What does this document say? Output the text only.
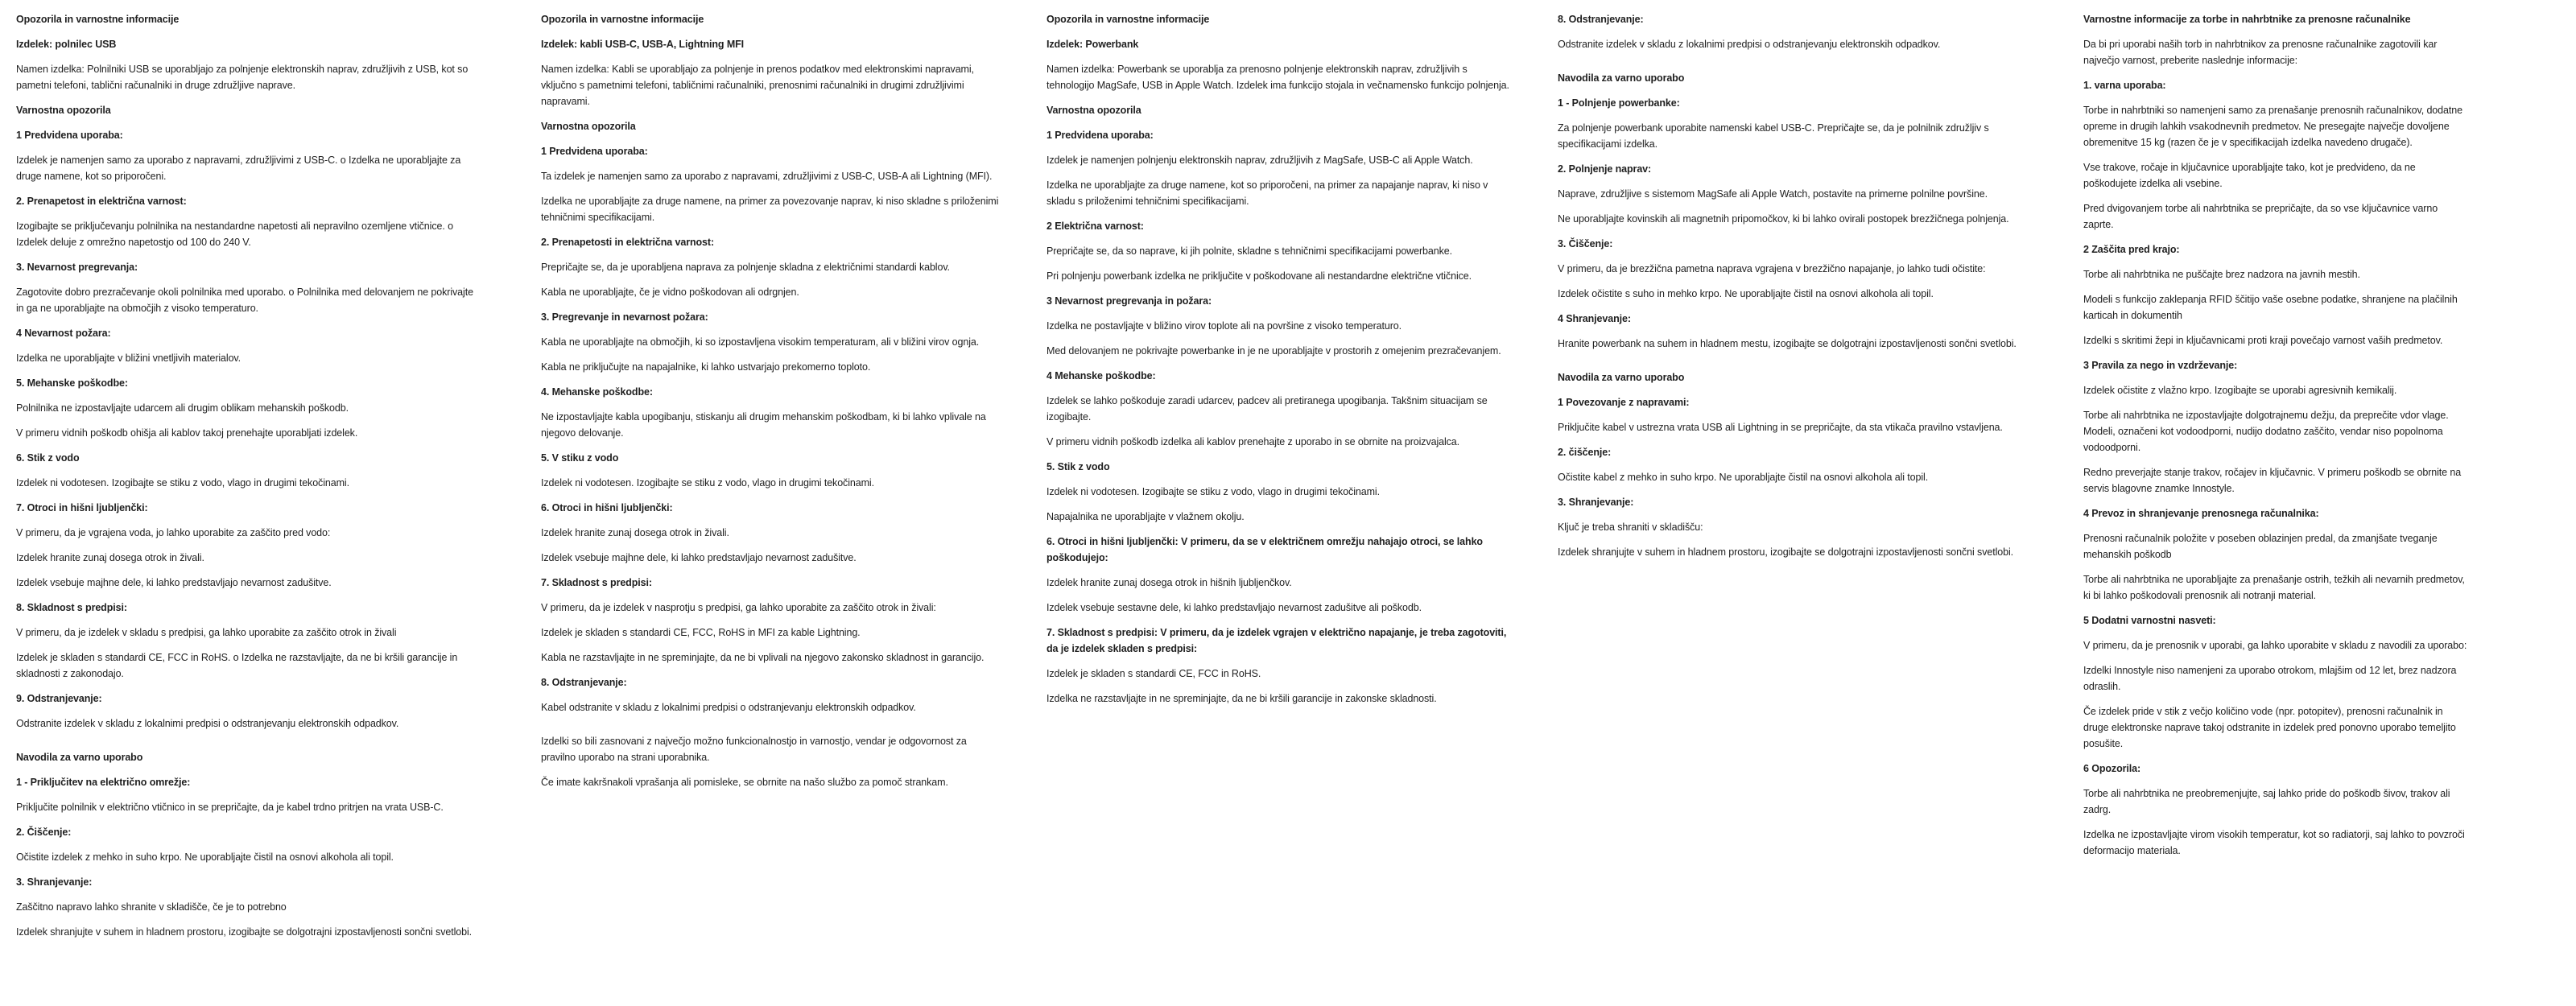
Opozorila in varnostne informacije
Izdelek: polnilec USB
Namen izdelka: Polnilniki USB se uporabljajo za polnjenje elektronskih naprav, združljivih z USB, kot so pametni telefoni, tablični računalniki in druge združljive naprave.
Varnostna opozorila
1 Predvidena uporaba:
Izdelek je namenjen samo za uporabo z napravami, združljivimi z USB-C. o Izdelka ne uporabljajte za druge namene, kot so priporočeni.
2. Prenapetost in električna varnost:
Izogibajte se priključevanju polnilnika na nestandardne napetosti ali nepravilno ozemljene vtičnice. o Izdelek deluje z omrežno napetostjo od 100 do 240 V.
3. Nevarnost pregrevanja:
Zagotovite dobro prezračevanje okoli polnilnika med uporabo. o Polnilnika med delovanjem ne pokrivajte in ga ne uporabljajte na območjih z visoko temperaturo.
4 Nevarnost požara:
Izdelka ne uporabljajte v bližini vnetljivih materialov.
5. Mehanske poškodbe:
Polnilnika ne izpostavljajte udarcem ali drugim oblikam mehanskih poškodb.
V primeru vidnih poškodb ohišja ali kablov takoj prenehajte uporabljati izdelek.
6. Stik z vodo
Izdelek ni vodotesen. Izogibajte se stiku z vodo, vlago in drugimi tekočinami.
7. Otroci in hišni ljubljenčki:
V primeru, da je vgrajena voda, jo lahko uporabite za zaščito pred vodo:
Izdelek hranite zunaj dosega otrok in živali.
Izdelek vsebuje majhne dele, ki lahko predstavljajo nevarnost zadušitve.
8. Skladnost s predpisi:
V primeru, da je izdelek v skladu s predpisi, ga lahko uporabite za zaščito otrok in živali
Izdelek je skladen s standardi CE, FCC in RoHS. o Izdelka ne razstavljajte, da ne bi kršili garancije in skladnosti z zakonodajo.
9. Odstranjevanje:
Odstranite izdelek v skladu z lokalnimi predpisi o odstranjevanju elektronskih odpadkov.
Navodila za varno uporabo
1 - Priključitev na električno omrežje:
Priključite polnilnik v električno vtičnico in se prepričajte, da je kabel trdno pritrjen na vrata USB-C.
2. Čiščenje:
Očistite izdelek z mehko in suho krpo. Ne uporabljajte čistil na osnovi alkohola ali topil.
3. Shranjevanje:
Zaščitno napravo lahko shranite v skladišče, če je to potrebno
Izdelek shranjujte v suhem in hladnem prostoru, izogibajte se dolgotrajni izpostavljenosti sončni svetlobi.
Opozorila in varnostne informacije
Izdelek: kabli USB-C, USB-A, Lightning MFI
Namen izdelka: Kabli se uporabljajo za polnjenje in prenos podatkov med elektronskimi napravami, vključno s pametnimi telefoni, tabličnimi računalniki, prenosnimi računalniki in drugimi združljivimi napravami.
Varnostna opozorila
1 Predvidena uporaba:
Ta izdelek je namenjen samo za uporabo z napravami, združljivimi z USB-C, USB-A ali Lightning (MFI).
Izdelka ne uporabljajte za druge namene, na primer za povezovanje naprav, ki niso skladne s priloženimi tehničnimi specifikacijami.
2. Prenapetosti in električna varnost:
Prepričajte se, da je uporabljena naprava za polnjenje skladna z električnimi standardi kablov.
Kabla ne uporabljajte, če je vidno poškodovan ali odrgnjen.
3. Pregrevanje in nevarnost požara:
Kabla ne uporabljajte na območjih, ki so izpostavljena visokim temperaturam, ali v bližini virov ognja.
Kabla ne priključujte na napajalnike, ki lahko ustvarjajo prekomerno toploto.
4. Mehanske poškodbe:
Ne izpostavljajte kabla upogibanju, stiskanju ali drugim mehanskim poškodbam, ki bi lahko vplivale na njegovo delovanje.
5. V stiku z vodo
Izdelek ni vodotesen. Izogibajte se stiku z vodo, vlago in drugimi tekočinami.
6. Otroci in hišni ljubljenčki:
Izdelek hranite zunaj dosega otrok in živali.
Izdelek vsebuje majhne dele, ki lahko predstavljajo nevarnost zadušitve.
7. Skladnost s predpisi:
V primeru, da je izdelek v nasprotju s predpisi, ga lahko uporabite za zaščito otrok in živali:
Izdelek je skladen s standardi CE, FCC, RoHS in MFI za kable Lightning.
Kabla ne razstavljajte in ne spreminjajte, da ne bi vplivali na njegovo zakonsko skladnost in garancijo.
8. Odstranjevanje:
Kabel odstranite v skladu z lokalnimi predpisi o odstranjevanju elektronskih odpadkov.
Izdelki so bili zasnovani z največjo možno funkcionalnostjo in varnostjo, vendar je odgovornost za pravilno uporabo na strani uporabnika.
Če imate kakršnakoli vprašanja ali pomisleke, se obrnite na našo službo za pomoč strankam.
Opozorila in varnostne informacije
Izdelek: Powerbank
Namen izdelka: Powerbank se uporablja za prenosno polnjenje elektronskih naprav, združljivih s tehnologijo MagSafe, USB in Apple Watch. Izdelek ima funkcijo stojala in večnamensko funkcijo polnjenja.
Varnostna opozorila
1 Predvidena uporaba:
Izdelek je namenjen polnjenju elektronskih naprav, združljivih z MagSafe, USB-C ali Apple Watch.
Izdelka ne uporabljajte za druge namene, kot so priporočeni, na primer za napajanje naprav, ki niso v skladu s priloženimi tehničnimi specifikacijami.
2 Električna varnost:
Prepričajte se, da so naprave, ki jih polnite, skladne s tehničnimi specifikacijami powerbanke.
Pri polnjenju powerbank izdelka ne priključite v poškodovane ali nestandardne električne vtičnice.
3 Nevarnost pregrevanja in požara:
Izdelka ne postavljajte v bližino virov toplote ali na površine z visoko temperaturo.
Med delovanjem ne pokrivajte powerbanke in je ne uporabljajte v prostorih z omejenim prezračevanjem.
4 Mehanske poškodbe:
Izdelek se lahko poškoduje zaradi udarcev, padcev ali pretiranega upogibanja. Takšnim situacijam se izogibajte.
V primeru vidnih poškodb izdelka ali kablov prenehajte z uporabo in se obrnite na proizvajalca.
5. Stik z vodo
Izdelek ni vodotesen. Izogibajte se stiku z vodo, vlago in drugimi tekočinami.
Napajalnika ne uporabljajte v vlažnem okolju.
6. Otroci in hišni ljubljenčki: V primeru, da se v električnem omrežju nahajajo otroci, se lahko poškodujejo:
Izdelek hranite zunaj dosega otrok in hišnih ljubljenčkov.
Izdelek vsebuje sestavne dele, ki lahko predstavljajo nevarnost zadušitve ali poškodb.
7. Skladnost s predpisi: V primeru, da je izdelek vgrajen v električno napajanje, je treba zagotoviti, da je izdelek skladen s predpisi:
Izdelek je skladen s standardi CE, FCC in RoHS.
Izdelka ne razstavljajte in ne spreminjajte, da ne bi kršili garancije in zakonske skladnosti.
8. Odstranjevanje:
Odstranite izdelek v skladu z lokalnimi predpisi o odstranjevanju elektronskih odpadkov.
Navodila za varno uporabo
1 - Polnjenje powerbanke:
Za polnjenje powerbank uporabite namenski kabel USB-C. Prepričajte se, da je polnilnik združljiv s specifikacijami izdelka.
2. Polnjenje naprav:
Naprave, združljive s sistemom MagSafe ali Apple Watch, postavite na primerne polnilne površine.
Ne uporabljajte kovinskih ali magnetnih pripomočkov, ki bi lahko ovirali postopek brezžičnega polnjenja.
3. Čiščenje:
V primeru, da je brezžična pametna naprava vgrajena v brezžično napajanje, jo lahko tudi očistite:
Izdelek očistite s suho in mehko krpo. Ne uporabljajte čistil na osnovi alkohola ali topil.
4 Shranjevanje:
Hranite powerbank na suhem in hladnem mestu, izogibajte se dolgotrajni izpostavljenosti sončni svetlobi.
Navodila za varno uporabo
1 Povezovanje z napravami:
Priključite kabel v ustrezna vrata USB ali Lightning in se prepričajte, da sta vtikača pravilno vstavljena.
2. čiščenje:
Očistite kabel z mehko in suho krpo. Ne uporabljajte čistil na osnovi alkohola ali topil.
3. Shranjevanje:
Ključ je treba shraniti v skladišču:
Izdelek shranjujte v suhem in hladnem prostoru, izogibajte se dolgotrajni izpostavljenosti sončni svetlobi.
Varnostne informacije za torbe in nahrbtnike za prenosne računalnike
Da bi pri uporabi naših torb in nahrbtnikov za prenosne računalnike zagotovili kar največjo varnost, preberite naslednje informacije:
1. varna uporaba:
Torbe in nahrbtniki so namenjeni samo za prenašanje prenosnih računalnikov, dodatne opreme in drugih lahkih vsakodnevnih predmetov. Ne presegajte največje dovoljene obremenitve 15 kg (razen če je v specifikacijah izdelka navedeno drugače).
Vse trakove, ročaje in ključavnice uporabljajte tako, kot je predvideno, da ne poškodujete izdelka ali vsebine.
Pred dvigovanjem torbe ali nahrbtnika se prepričajte, da so vse ključavnice varno zaprte.
2 Zaščita pred krajo:
Torbe ali nahrbtnika ne puščajte brez nadzora na javnih mestih.
Modeli s funkcijo zaklepanja RFID ščitijo vaše osebne podatke, shranjene na plačilnih karticah in dokumentih
Izdelki s skritimi žepi in ključavnicami proti kraji povečajo varnost vaših predmetov.
3 Pravila za nego in vzdrževanje:
Izdelek očistite z vlažno krpo. Izogibajte se uporabi agresivnih kemikalij.
Torbe ali nahrbtnika ne izpostavljajte dolgotrajnemu dežju, da preprečite vdor vlage. Modeli, označeni kot vodoodporni, nudijo dodatno zaščito, vendar niso popolnoma vodoodporni.
Redno preverjajte stanje trakov, ročajev in ključavnic. V primeru poškodb se obrnite na servis blagovne znamke Innostyle.
4 Prevoz in shranjevanje prenosnega računalnika:
Prenosni računalnik položite v poseben oblazinjen predal, da zmanjšate tveganje mehanskih poškodb
Torbe ali nahrbtnika ne uporabljajte za prenašanje ostrih, težkih ali nevarnih predmetov, ki bi lahko poškodovali prenosnik ali notranji material.
5 Dodatni varnostni nasveti:
V primeru, da je prenosnik v uporabi, ga lahko uporabite v skladu z navodili za uporabo:
Izdelki Innostyle niso namenjeni za uporabo otrokom, mlajšim od 12 let, brez nadzora odraslih.
Če izdelek pride v stik z večjo količino vode (npr. potopitev), prenosni računalnik in druge elektronske naprave takoj odstranite in izdelek pred ponovno uporabo temeljito posušite.
6 Opozorila:
Torbe ali nahrbtnika ne preobremenjujte, saj lahko pride do poškodb šivov, trakov ali zadrg.
Izdelka ne izpostavljajte virom visokih temperatur, kot so radiatorji, saj lahko to povzroči deformacijo materiala.
